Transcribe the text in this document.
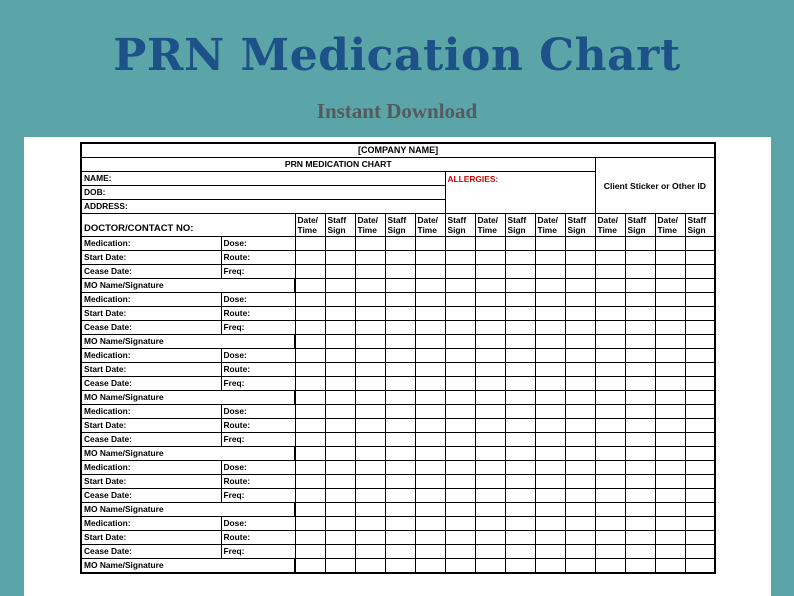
PRN Medication Chart
Instant Download
[COMPANY NAME]															
PRN MEDICATION CHART												Client Sticker or Other ID			
NAME:							ALLERGIES:								
DOB:															
ADDRESS:															
DOCTOR/CONTACT NO:		Date/ Time	Staff Sign	Date/ Time	Staff Sign	Date/ Time	Staff Sign	Date/ Time	Staff Sign	Date/ Time	Staff Sign	Date/ Time	Staff Sign	Date/ Time	Staff Sign
Medication:	Dose:														
Start Date:	Route:														
Cease Date:	Freq:														
MO Name/Signature															
Medication:	Dose:														
Start Date:	Route:														
Cease Date:	Freq:														
MO Name/Signature															
Medication:	Dose:														
Start Date:	Route:														
Cease Date:	Freq:														
MO Name/Signature															
Medication:	Dose:														
Start Date:	Route:														
Cease Date:	Freq:														
MO Name/Signature															
Medication:	Dose:														
Start Date:	Route:														
Cease Date:	Freq:														
MO Name/Signature															
Medication:	Dose:														
Start Date:	Route:														
Cease Date:	Freq:														
MO Name/Signature															
